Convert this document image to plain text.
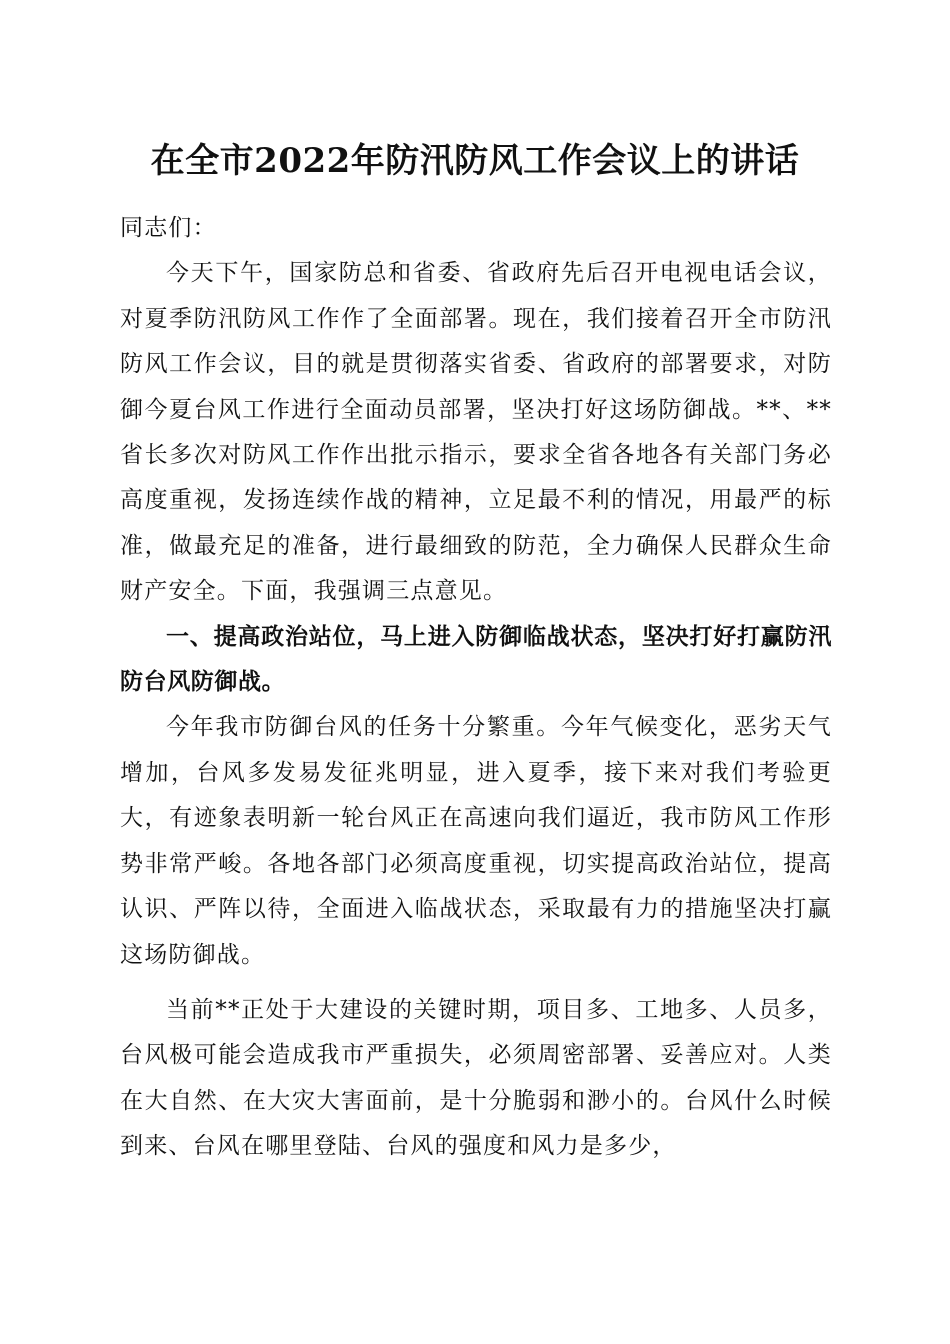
在全市2022年防汛防风工作会议上的讲话

同志们：

今天下午，国家防总和省委、省政府先后召开电视电话会议，对夏季防汛防风工作作了全面部署。现在，我们接着召开全市防汛防风工作会议，目的就是贯彻落实省委、省政府的部署要求，对防御今夏台风工作进行全面动员部署，坚决打好这场防御战。**、**省长多次对防风工作作出批示指示，要求全省各地各有关部门务必高度重视，发扬连续作战的精神，立足最不利的情况，用最严的标准，做最充足的准备，进行最细致的防范，全力确保人民群众生命财产安全。下面，我强调三点意见。

一、提高政治站位，马上进入防御临战状态，坚决打好打赢防汛防台风防御战。

今年我市防御台风的任务十分繁重。今年气候变化，恶劣天气增加，台风多发易发征兆明显，进入夏季，接下来对我们考验更大，有迹象表明新一轮台风正在高速向我们逼近，我市防风工作形势非常严峻。各地各部门必须高度重视，切实提高政治站位，提高认识、严阵以待，全面进入临战状态，采取最有力的措施坚决打赢这场防御战。

当前**正处于大建设的关键时期，项目多、工地多、人员多，台风极可能会造成我市严重损失，必须周密部署、妥善应对。人类在大自然、在大灾大害面前，是十分脆弱和渺小的。台风什么时候到来、台风在哪里登陆、台风的强度和风力是多少，
